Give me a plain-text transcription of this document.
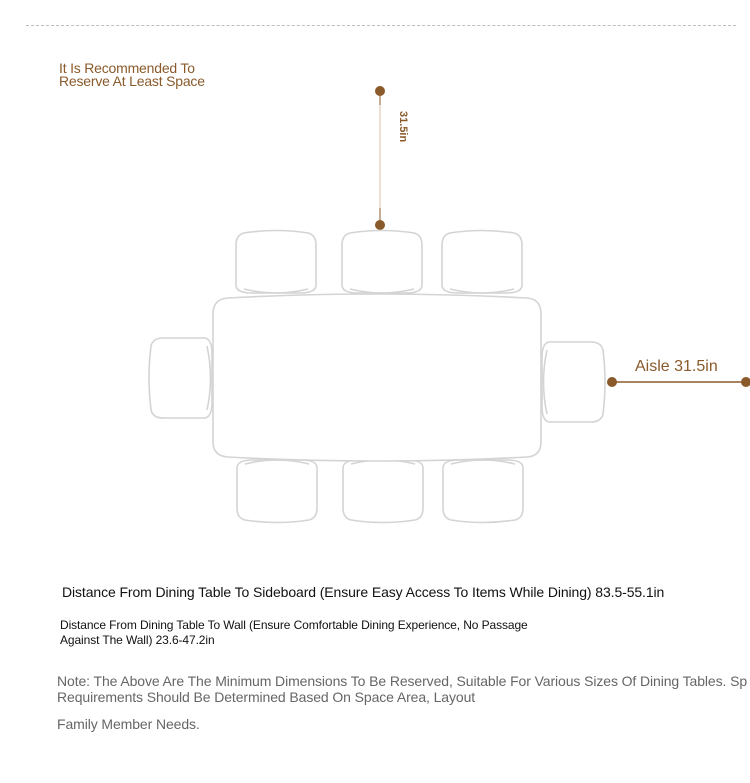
It Is Recommended To
Reserve At Least Space
31.5in
Aisle 31.5in
Distance From Dining Table To Sideboard (Ensure Easy Access To Items While Dining) 83.5-55.1in
Distance From Dining Table To Wall (Ensure Comfortable Dining Experience, No Passage
Against The Wall) 23.6-47.2in
Note: The Above Are The Minimum Dimensions To Be Reserved, Suitable For Various Sizes Of Dining Tables. Sp
Requirements Should Be Determined Based On Space Area, Layout
Family Member Needs.
